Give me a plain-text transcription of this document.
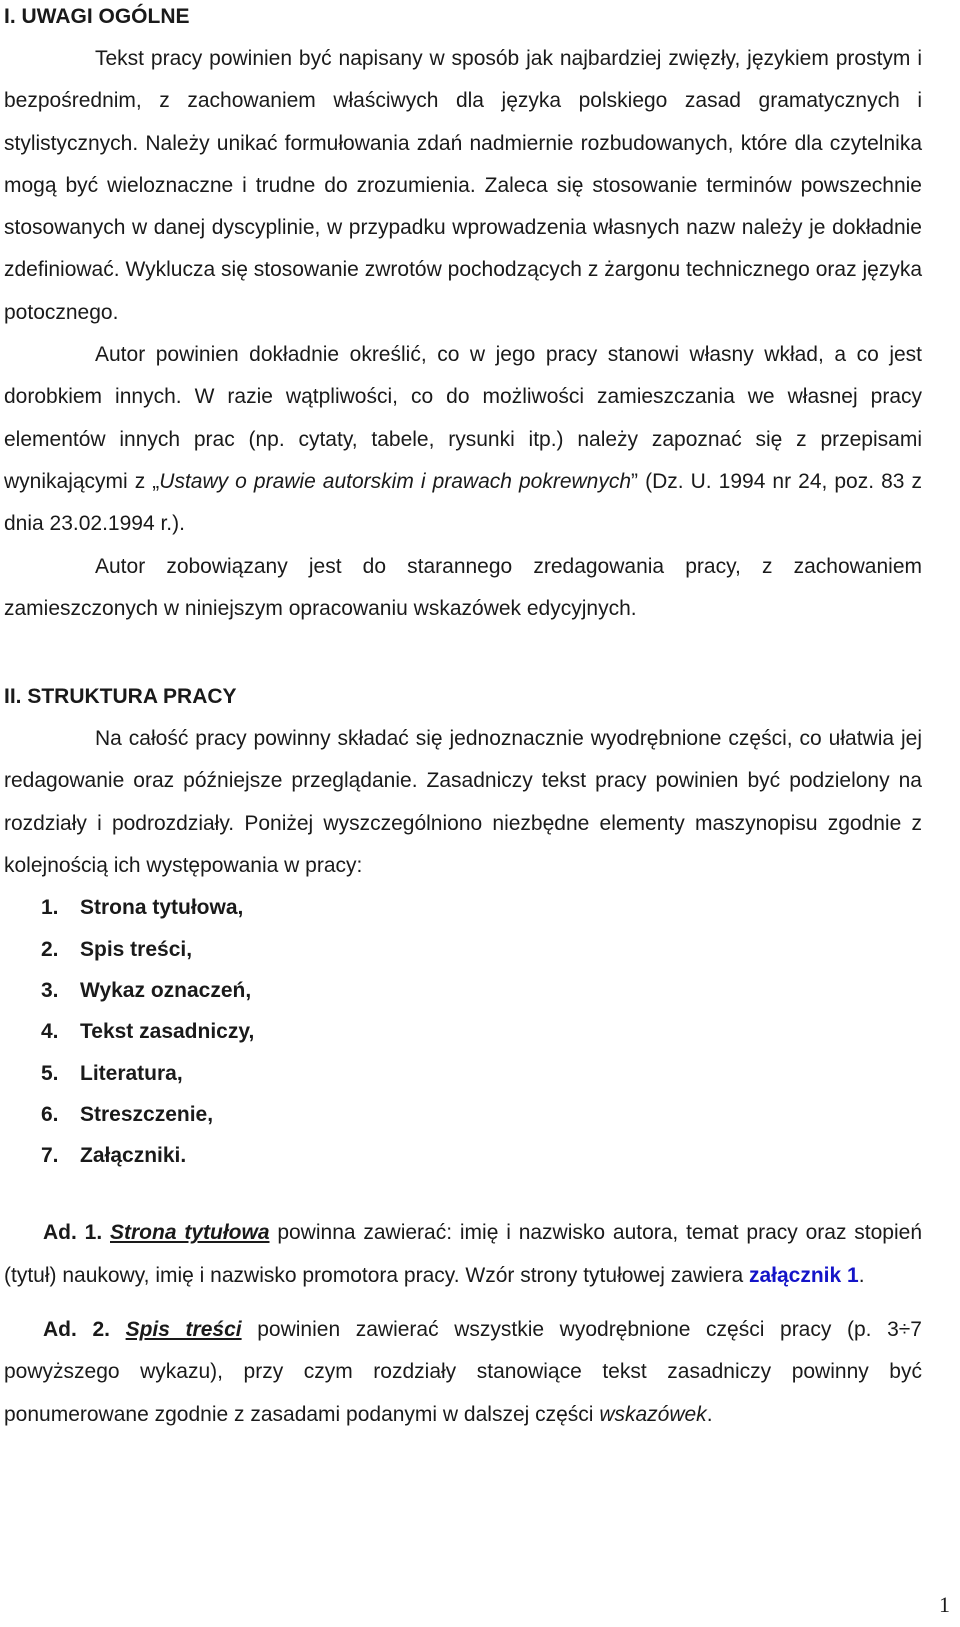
I. UWAGI OGÓLNE

Tekst pracy powinien być napisany w sposób jak najbardziej zwięzły, językiem prostym i bezpośrednim, z zachowaniem właściwych dla języka polskiego zasad gramatycznych i stylistycznych. Należy unikać formułowania zdań nadmiernie rozbudowanych, które dla czytelnika mogą być wieloznaczne i trudne do zrozumienia. Zaleca się stosowanie terminów powszechnie stosowanych w danej dyscyplinie, w przypadku wprowadzenia własnych nazw należy je dokładnie zdefiniować. Wyklucza się stosowanie zwrotów pochodzących z żargonu technicznego oraz języka potocznego.

Autor powinien dokładnie określić, co w jego pracy stanowi własny wkład, a co jest dorobkiem innych. W razie wątpliwości, co do możliwości zamieszczania we własnej pracy elementów innych prac (np. cytaty, tabele, rysunki itp.) należy zapoznać się z przepisami wynikającymi z „Ustawy o prawie autorskim i prawach pokrewnych” (Dz. U. 1994 nr 24, poz. 83 z dnia 23.02.1994 r.).

Autor zobowiązany jest do starannego zredagowania pracy, z zachowaniem zamieszczonych w niniejszym opracowaniu wskazówek edycyjnych.

II. STRUKTURA PRACY

Na całość pracy powinny składać się jednoznacznie wyodrębnione części, co ułatwia jej redagowanie oraz późniejsze przeglądanie. Zasadniczy tekst pracy powinien być podzielony na rozdziały i podrozdziały. Poniżej wyszczególniono niezbędne elementy maszynopisu zgodnie z kolejnością ich występowania w pracy:

1. Strona tytułowa,
2. Spis treści,
3. Wykaz oznaczeń,
4. Tekst zasadniczy,
5. Literatura,
6. Streszczenie,
7. Załączniki.

Ad. 1. Strona tytułowa powinna zawierać: imię i nazwisko autora, temat pracy oraz stopień (tytuł) naukowy, imię i nazwisko promotora pracy. Wzór strony tytułowej zawiera załącznik 1.

Ad. 2. Spis treści powinien zawierać wszystkie wyodrębnione części pracy (p. 3÷7 powyższego wykazu), przy czym rozdziały stanowiące tekst zasadniczy powinny być ponumerowane zgodnie z zasadami podanymi w dalszej części wskazówek.

1
